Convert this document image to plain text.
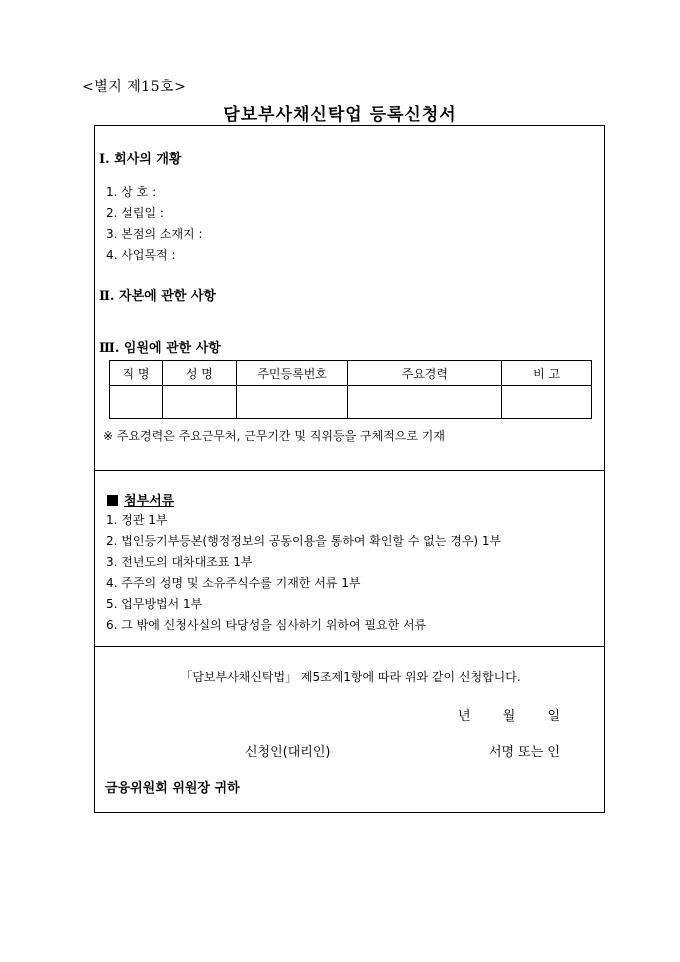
<별지 제15호>
담보부사채신탁업 등록신청서
Ⅰ. 회사의 개황
1. 상 호 :
2. 설립일 :
3. 본점의 소재지 :
4. 사업목적 :
Ⅱ. 자본에 관한 사항
Ⅲ. 임원에 관한 사항
직 명	성 명	주민등록번호	주요경력	비 고

※ 주요경력은 주요근무처, 근무기간 및 직위등을 구체적으로 기재
첨부서류
1. 정관 1부
2. 법인등기부등본(행정정보의 공동이용을 통하여 확인할 수 없는 경우) 1부
3. 전년도의 대차대조표 1부
4. 주주의 성명 및 소유주식수를 기재한 서류 1부
5. 업무방법서 1부
6. 그 밖에 신청사실의 타당성을 심사하기 위하여 필요한 서류
「담보부사채신탁법」 제5조제1항에 따라 위와 같이 신청합니다.
년 월 일
신청인(대리인)	서명 또는 인
금융위원회 위원장 귀하
